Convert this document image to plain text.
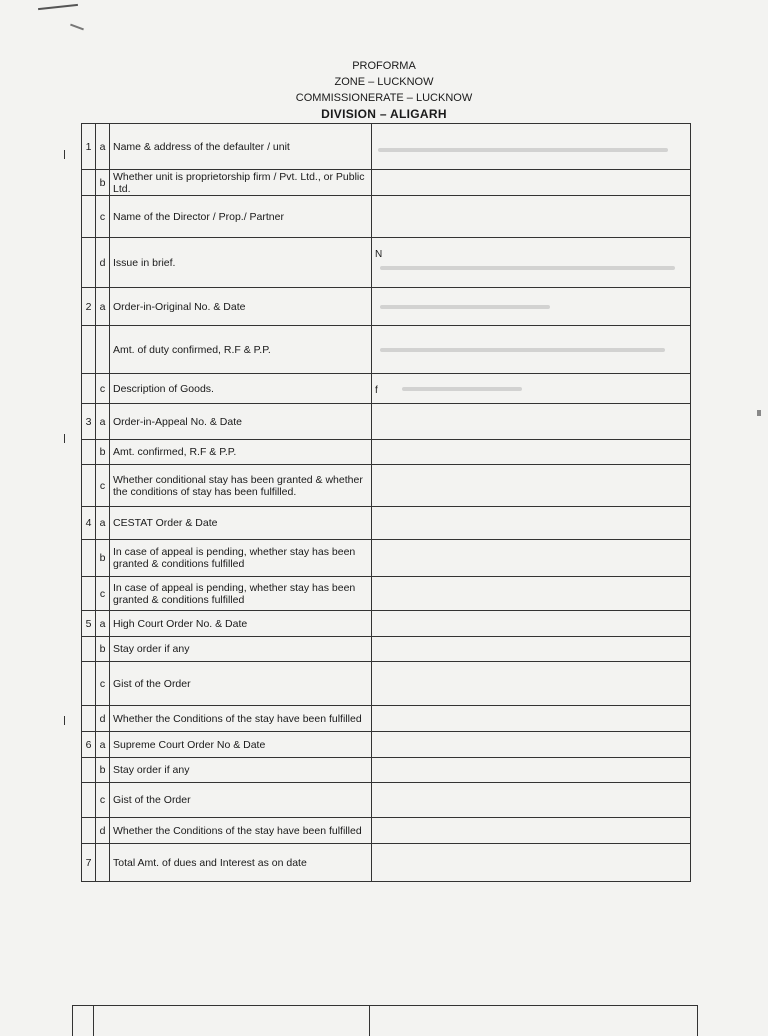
PROFORMA
ZONE – LUCKNOW
COMMISSIONERATE – LUCKNOW
DIVISION – ALIGARH
1	a	Name & address of the defaulter / unit	

	b	Whether unit is proprietorship firm / Pvt. Ltd., or Public Ltd.	

	c	Name of the Director / Prop./ Partner	

	d	Issue in brief.	N

2	a	Order-in-Original No. & Date	

		Amt. of duty confirmed, R.F & P.P.	

	c	Description of Goods.	f

3	a	Order-in-Appeal No. & Date	

	b	Amt. confirmed, R.F & P.P.	

	c	Whether conditional stay has been granted & whether the conditions of stay has been fulfilled.	

4	a	CESTAT Order & Date	

	b	In case of appeal is pending, whether stay has been granted & conditions fulfilled	

	c	In case of appeal is pending, whether stay has been granted & conditions fulfilled	

5	a	High Court Order No. & Date	

	b	Stay order if any	

	c	Gist of the Order	

	d	Whether the Conditions of the stay have been fulfilled	

6	a	Supreme Court Order No & Date	

	b	Stay order if any	

	c	Gist of the Order	

	d	Whether the Conditions of the stay have been fulfilled	

7		Total Amt. of dues and Interest as on date	
